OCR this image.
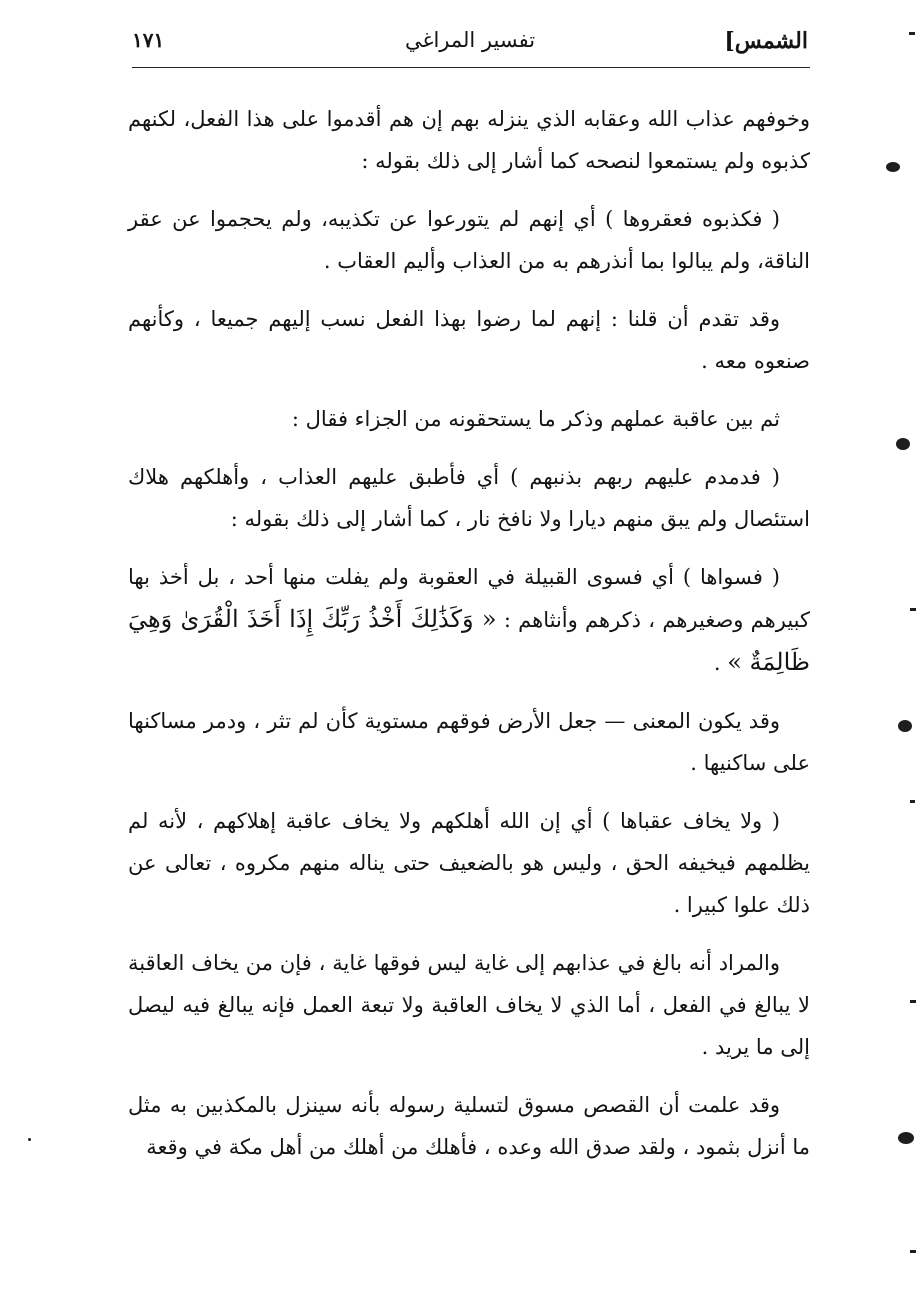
الشمس]
تفسير المراغي
١٧١

وخوفهم عذاب الله وعقابه الذي ينزله بهم إن هم أقدموا على هذا الفعل، لكنهم كذبوه ولم يستمعوا لنصحه كما أشار إلى ذلك بقوله :

( فكذبوه فعقروها ) أي إنهم لم يتورعوا عن تكذيبه، ولم يحجموا عن عقر الناقة، ولم يبالوا بما أنذرهم به من العذاب وأليم العقاب .

وقد تقدم أن قلنا : إنهم لما رضوا بهذا الفعل نسب إليهم جميعا ، وكأنهم صنعوه معه .

ثم بين عاقبة عملهم وذكر ما يستحقونه من الجزاء فقال :

( فدمدم عليهم ربهم بذنبهم ) أي فأطبق عليهم العذاب ، وأهلكهم هلاك استئصال ولم يبق منهم ديارا ولا نافخ نار ، كما أشار إلى ذلك بقوله :

( فسواها ) أي فسوى القبيلة في العقوبة ولم يفلت منها أحد ، بل أخذ بها كبيرهم وصغيرهم ، ذكرهم وأنثاهم : « وَكَذَٰلِكَ أَخْذُ رَبِّكَ إِذَا أَخَذَ الْقُرَىٰ وَهِيَ ظَالِمَةٌ » .

وقد يكون المعنى — جعل الأرض فوقهم مستوية كأن لم تثر ، ودمر مساكنها على ساكنيها .

( ولا يخاف عقباها ) أي إن الله أهلكهم ولا يخاف عاقبة إهلاكهم ، لأنه لم يظلمهم فيخيفه الحق ، وليس هو بالضعيف حتى يناله منهم مكروه ، تعالى عن ذلك علوا كبيرا .

والمراد أنه بالغ في عذابهم إلى غاية ليس فوقها غاية ، فإن من يخاف العاقبة لا يبالغ في الفعل ، أما الذي لا يخاف العاقبة ولا تبعة العمل فإنه يبالغ فيه ليصل إلى ما يريد .

وقد علمت أن القصص مسوق لتسلية رسوله بأنه سينزل بالمكذبين به مثل ما أنزل بثمود ، ولقد صدق الله وعده ، فأهلك من أهلك من أهل مكة في وقعة
